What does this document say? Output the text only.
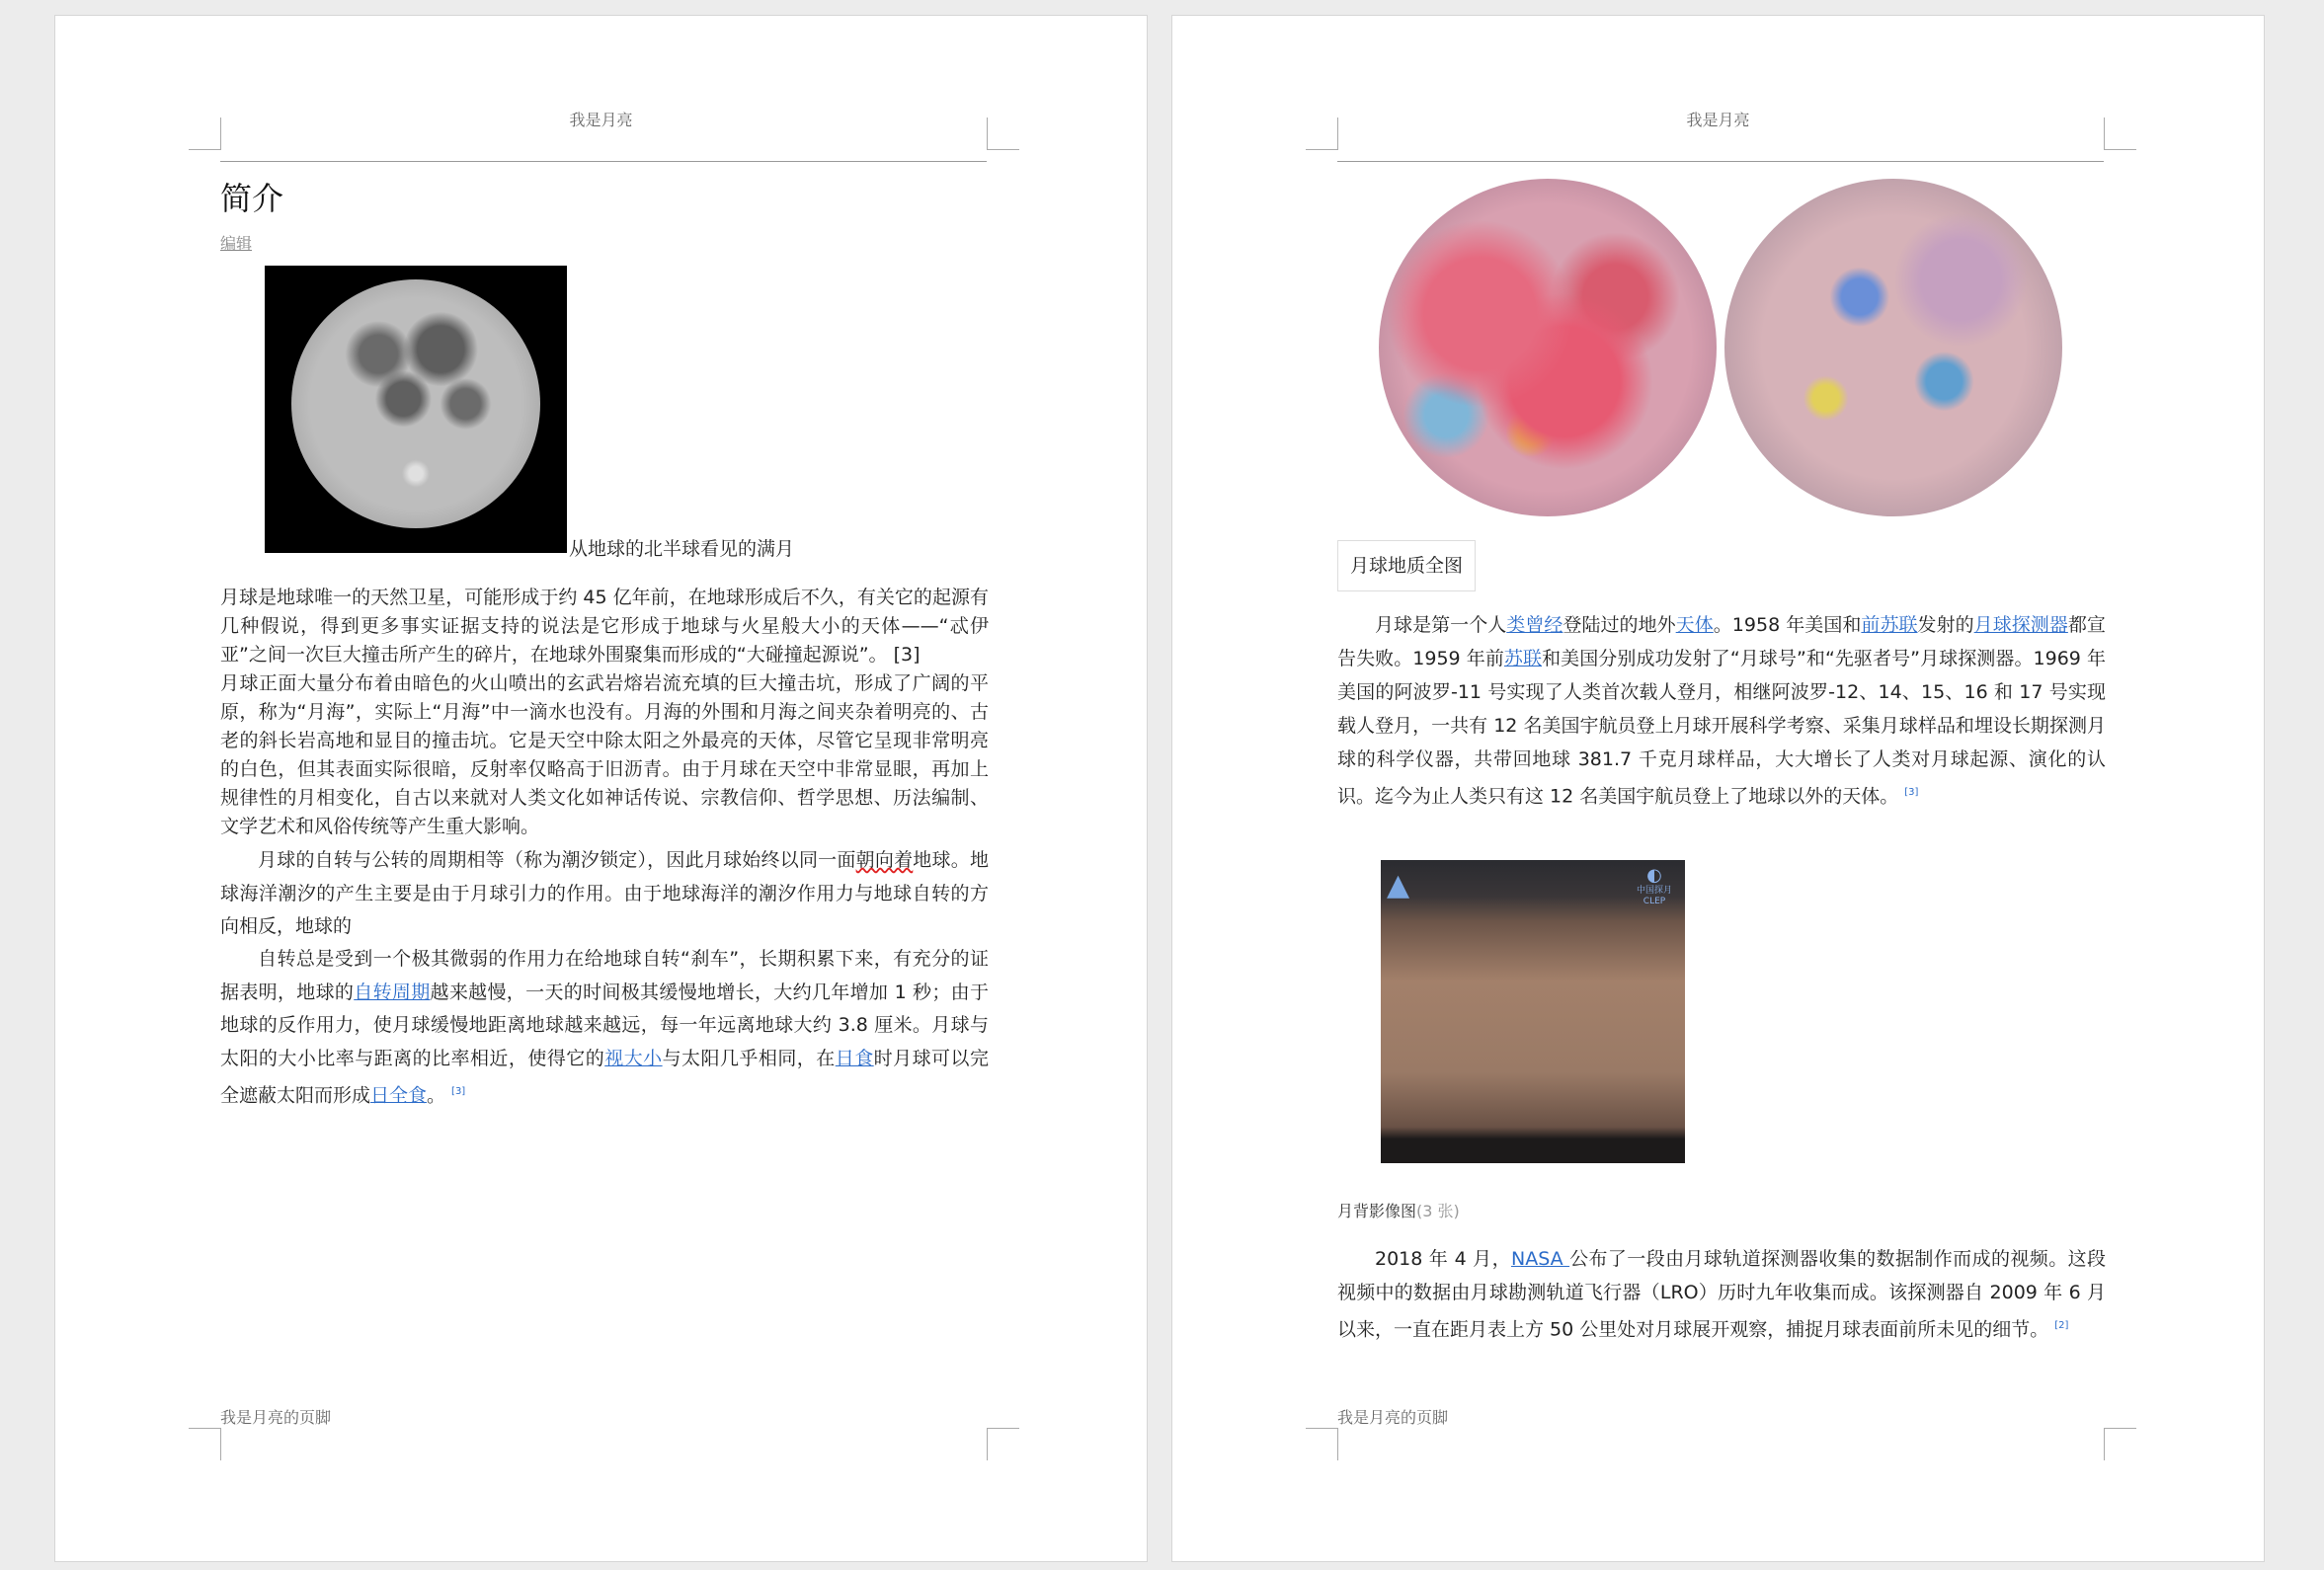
我是月亮
简介
编辑
从地球的北半球看见的满月
月球是地球唯一的天然卫星，可能形成于约 45 亿年前，在地球形成后不久，有关它的起源有几种假说，得到更多事实证据支持的说法是它形成于地球与火星般大小的天体——“忒伊亚”之间一次巨大撞击所产生的碎片，在地球外围聚集而形成的“大碰撞起源说”。 [3]
月球正面大量分布着由暗色的火山喷出的玄武岩熔岩流充填的巨大撞击坑，形成了广阔的平原，称为“月海”，实际上“月海”中一滴水也没有。月海的外围和月海之间夹杂着明亮的、古老的斜长岩高地和显目的撞击坑。它是天空中除太阳之外最亮的天体，尽管它呈现非常明亮的白色，但其表面实际很暗，反射率仅略高于旧沥青。由于月球在天空中非常显眼，再加上规律性的月相变化，自古以来就对人类文化如神话传说、宗教信仰、哲学思想、历法编制、文学艺术和风俗传统等产生重大影响。
月球的自转与公转的周期相等（称为潮汐锁定），因此月球始终以同一面朝向着地球。地球海洋潮汐的产生主要是由于月球引力的作用。由于地球海洋的潮汐作用力与地球自转的方向相反，地球的
自转总是受到一个极其微弱的作用力在给地球自转“刹车”，长期积累下来，有充分的证据表明，地球的自转周期越来越慢，一天的时间极其缓慢地增长，大约几年增加 1 秒；由于地球的反作用力，使月球缓慢地距离地球越来越远，每一年远离地球大约 3.8 厘米。月球与太阳的大小比率与距离的比率相近，使得它的视大小与太阳几乎相同，在日食时月球可以完全遮蔽太阳而形成日全食。 [3]
我是月亮的页脚
我是月亮
月球地质全图
月球是第一个人类曾经登陆过的地外天体。1958 年美国和前苏联发射的月球探测器都宣告失败。1959 年前苏联和美国分别成功发射了“月球号”和“先驱者号”月球探测器。1969 年美国的阿波罗-11 号实现了人类首次载人登月，相继阿波罗-12、14、15、16 和 17 号实现载人登月，一共有 12 名美国宇航员登上月球开展科学考察、采集月球样品和埋设长期探测月球的科学仪器，共带回地球 381.7 千克月球样品，大大增长了人类对月球起源、演化的认识。迄今为止人类只有这 12 名美国宇航员登上了地球以外的天体。 [3]
▲	◐
中国探月 CLEP
月背影像图(3 张)
2018 年 4 月，NASA 公布了一段由月球轨道探测器收集的数据制作而成的视频。这段视频中的数据由月球勘测轨道飞行器（LRO）历时九年收集而成。该探测器自 2009 年 6 月以来，一直在距月表上方 50 公里处对月球展开观察，捕捉月球表面前所未见的细节。 [2]
我是月亮的页脚
